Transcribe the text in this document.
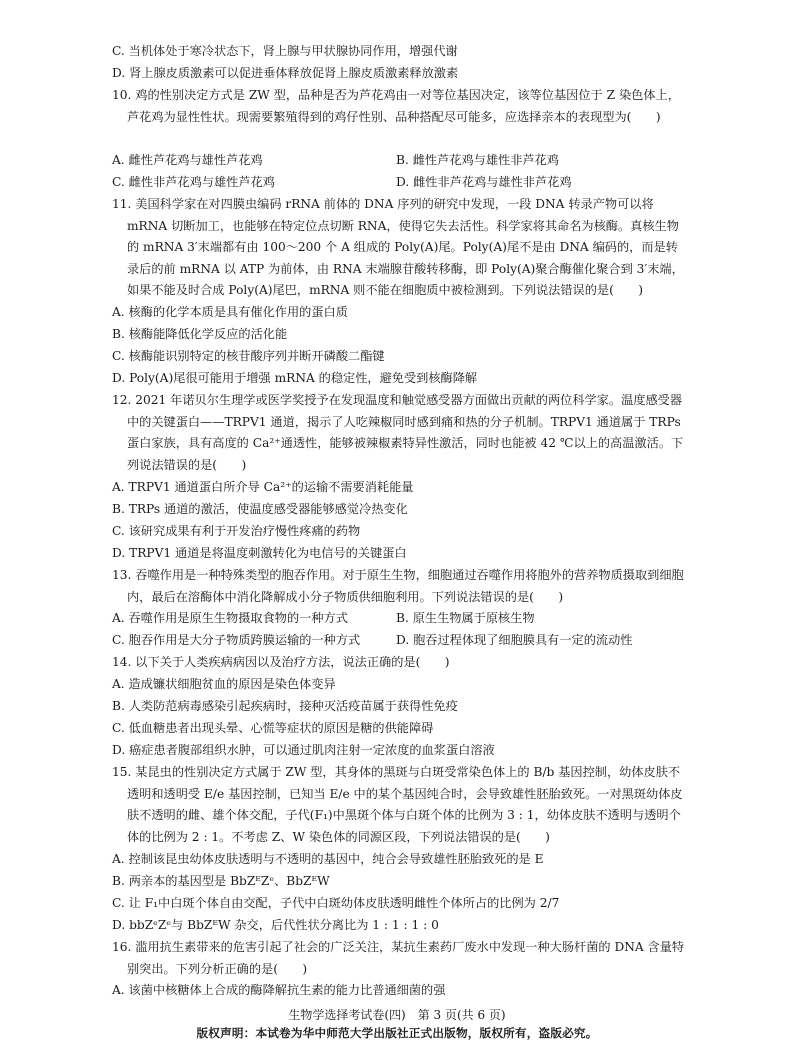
C. 当机体处于寒冷状态下，肾上腺与甲状腺协同作用，增强代谢
D. 肾上腺皮质激素可以促进垂体释放促肾上腺皮质激素释放激素
10. 鸡的性别决定方式是 ZW 型，品种是否为芦花鸡由一对等位基因决定，该等位基因位于 Z 染色体上，芦花鸡为显性性状。现需要繁殖得到的鸡仔性别、品种搭配尽可能多，应选择亲本的表现型为(　　)
A. 雌性芦花鸡与雄性芦花鸡	B. 雌性芦花鸡与雄性非芦花鸡
C. 雌性非芦花鸡与雄性芦花鸡	D. 雌性非芦花鸡与雄性非芦花鸡
11. 美国科学家在对四膜虫编码 rRNA 前体的 DNA 序列的研究中发现，一段 DNA 转录产物可以将 mRNA 切断加工，也能够在特定位点切断 RNA，使得它失去活性。科学家将其命名为核酶。真核生物的 mRNA 3′末端都有由 100～200 个 A 组成的 Poly(A)尾。Poly(A)尾不是由 DNA 编码的，而是转录后的前 mRNA 以 ATP 为前体，由 RNA 末端腺苷酸转移酶，即 Poly(A)聚合酶催化聚合到 3′末端，如果不能及时合成 Poly(A)尾巴，mRNA 则不能在细胞质中被检测到。下列说法错误的是(　　)
A. 核酶的化学本质是具有催化作用的蛋白质
B. 核酶能降低化学反应的活化能
C. 核酶能识别特定的核苷酸序列并断开磷酸二酯键
D. Poly(A)尾很可能用于增强 mRNA 的稳定性，避免受到核酶降解
12. 2021 年诺贝尔生理学或医学奖授予在发现温度和触觉感受器方面做出贡献的两位科学家。温度感受器中的关键蛋白——TRPV1 通道，揭示了人吃辣椒同时感到痛和热的分子机制。TRPV1 通道属于 TRPs 蛋白家族，具有高度的 Ca²⁺通透性，能够被辣椒素特异性激活，同时也能被 42 ℃以上的高温激活。下列说法错误的是(　　)
A. TRPV1 通道蛋白所介导 Ca²⁺的运输不需要消耗能量
B. TRPs 通道的激活，使温度感受器能够感觉冷热变化
C. 该研究成果有利于开发治疗慢性疼痛的药物
D. TRPV1 通道是将温度刺激转化为电信号的关键蛋白
13. 吞噬作用是一种特殊类型的胞吞作用。对于原生生物，细胞通过吞噬作用将胞外的营养物质摄取到细胞内，最后在溶酶体中消化降解成小分子物质供细胞利用。下列说法错误的是(　　)
A. 吞噬作用是原生生物摄取食物的一种方式	B. 原生生物属于原核生物
C. 胞吞作用是大分子物质跨膜运输的一种方式	D. 胞吞过程体现了细胞膜具有一定的流动性
14. 以下关于人类疾病病因以及治疗方法，说法正确的是(　　)
A. 造成镰状细胞贫血的原因是染色体变异
B. 人类防范病毒感染引起疾病时，接种灭活疫苗属于获得性免疫
C. 低血糖患者出现头晕、心慌等症状的原因是糖的供能障碍
D. 癌症患者腹部组织水肿，可以通过肌肉注射一定浓度的血浆蛋白溶液
15. 某昆虫的性别决定方式属于 ZW 型，其身体的黑斑与白斑受常染色体上的 B/b 基因控制，幼体皮肤不透明和透明受 E/e 基因控制，已知当 E/e 中的某个基因纯合时，会导致雄性胚胎致死。一对黑斑幼体皮肤不透明的雌、雄个体交配，子代(F₁)中黑斑个体与白斑个体的比例为 3 : 1，幼体皮肤不透明与透明个体的比例为 2 : 1。不考虑 Z、W 染色体的同源区段，下列说法错误的是(　　)
A. 控制该昆虫幼体皮肤透明与不透明的基因中，纯合会导致雄性胚胎致死的是 E
B. 两亲本的基因型是 BbZᴱZᵉ、BbZᴱW
C. 让 F₁中白斑个体自由交配，子代中白斑幼体皮肤透明雌性个体所占的比例为 2/7
D. bbZᵉZᵉ与 BbZᴱW 杂交，后代性状分离比为 1 : 1 : 1 : 0
16. 滥用抗生素带来的危害引起了社会的广泛关注，某抗生素药厂废水中发现一种大肠杆菌的 DNA 含量特别突出。下列分析正确的是(　　)
A. 该菌中核糖体上合成的酶降解抗生素的能力比普通细菌的强
生物学选择考试卷(四)　第 3 页(共 6 页)
版权声明：本试卷为华中师范大学出版社正式出版物，版权所有，盗版必究。
